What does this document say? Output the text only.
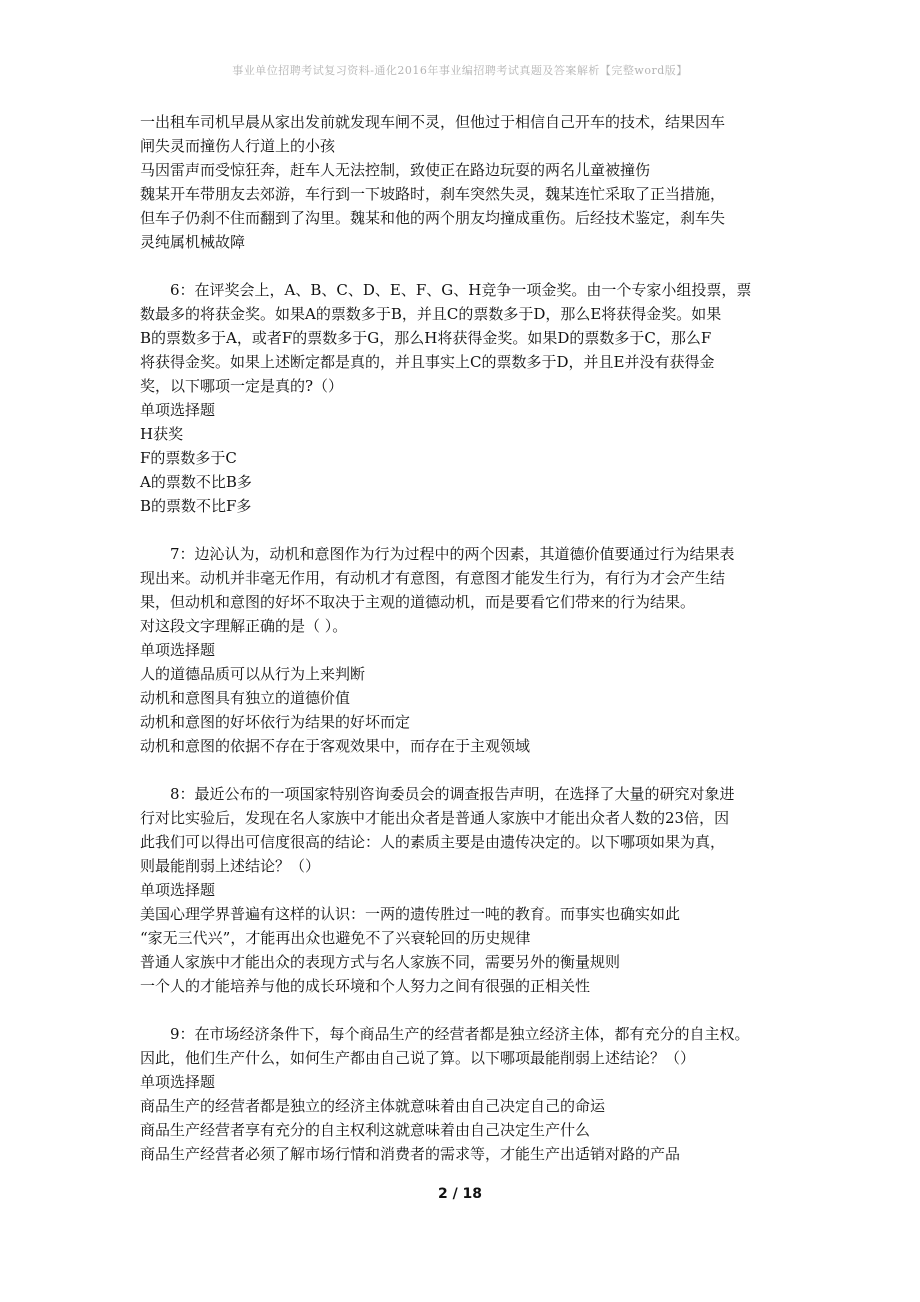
事业单位招聘考试复习资料-通化2016年事业编招聘考试真题及答案解析【完整word版】
一出租车司机早晨从家出发前就发现车闸不灵，但他过于相信自己开车的技术，结果因车
闸失灵而撞伤人行道上的小孩
马因雷声而受惊狂奔，赶车人无法控制，致使正在路边玩耍的两名儿童被撞伤
魏某开车带朋友去郊游，车行到一下坡路时，刹车突然失灵，魏某连忙采取了正当措施，
但车子仍刹不住而翻到了沟里。魏某和他的两个朋友均撞成重伤。后经技术鉴定，刹车失
灵纯属机械故障
6：在评奖会上，A、B、C、D、E、F、G、H竞争一项金奖。由一个专家小组投票，票
数最多的将获金奖。如果A的票数多于B，并且C的票数多于D，那么E将获得金奖。如果
B的票数多于A，或者F的票数多于G，那么H将获得金奖。如果D的票数多于C，那么F
将获得金奖。如果上述断定都是真的，并且事实上C的票数多于D，并且E并没有获得金
奖，以下哪项一定是真的?（）
单项选择题
H获奖
F的票数多于C
A的票数不比B多
B的票数不比F多
7：边沁认为，动机和意图作为行为过程中的两个因素，其道德价值要通过行为结果表
现出来。动机并非毫无作用，有动机才有意图，有意图才能发生行为，有行为才会产生结
果，但动机和意图的好坏不取决于主观的道德动机，而是要看它们带来的行为结果。
对这段文字理解正确的是（ ）。
单项选择题
人的道德品质可以从行为上来判断
动机和意图具有独立的道德价值
动机和意图的好坏依行为结果的好坏而定
动机和意图的依据不存在于客观效果中，而存在于主观领域
8：最近公布的一项国家特别咨询委员会的调查报告声明，在选择了大量的研究对象进
行对比实验后，发现在名人家族中才能出众者是普通人家族中才能出众者人数的23倍，因
此我们可以得出可信度很高的结论：人的素质主要是由遗传决定的。以下哪项如果为真，
则最能削弱上述结论？（）
单项选择题
美国心理学界普遍有这样的认识：一两的遗传胜过一吨的教育。而事实也确实如此
“家无三代兴”，才能再出众也避免不了兴衰轮回的历史规律
普通人家族中才能出众的表现方式与名人家族不同，需要另外的衡量规则
一个人的才能培养与他的成长环境和个人努力之间有很强的正相关性
9：在市场经济条件下，每个商品生产的经营者都是独立经济主体，都有充分的自主权。
因此，他们生产什么，如何生产都由自己说了算。以下哪项最能削弱上述结论？（）
单项选择题
商品生产的经营者都是独立的经济主体就意味着由自己决定自己的命运
商品生产经营者享有充分的自主权利这就意味着由自己决定生产什么
商品生产经营者必须了解市场行情和消费者的需求等，才能生产出适销对路的产品
2 / 18
